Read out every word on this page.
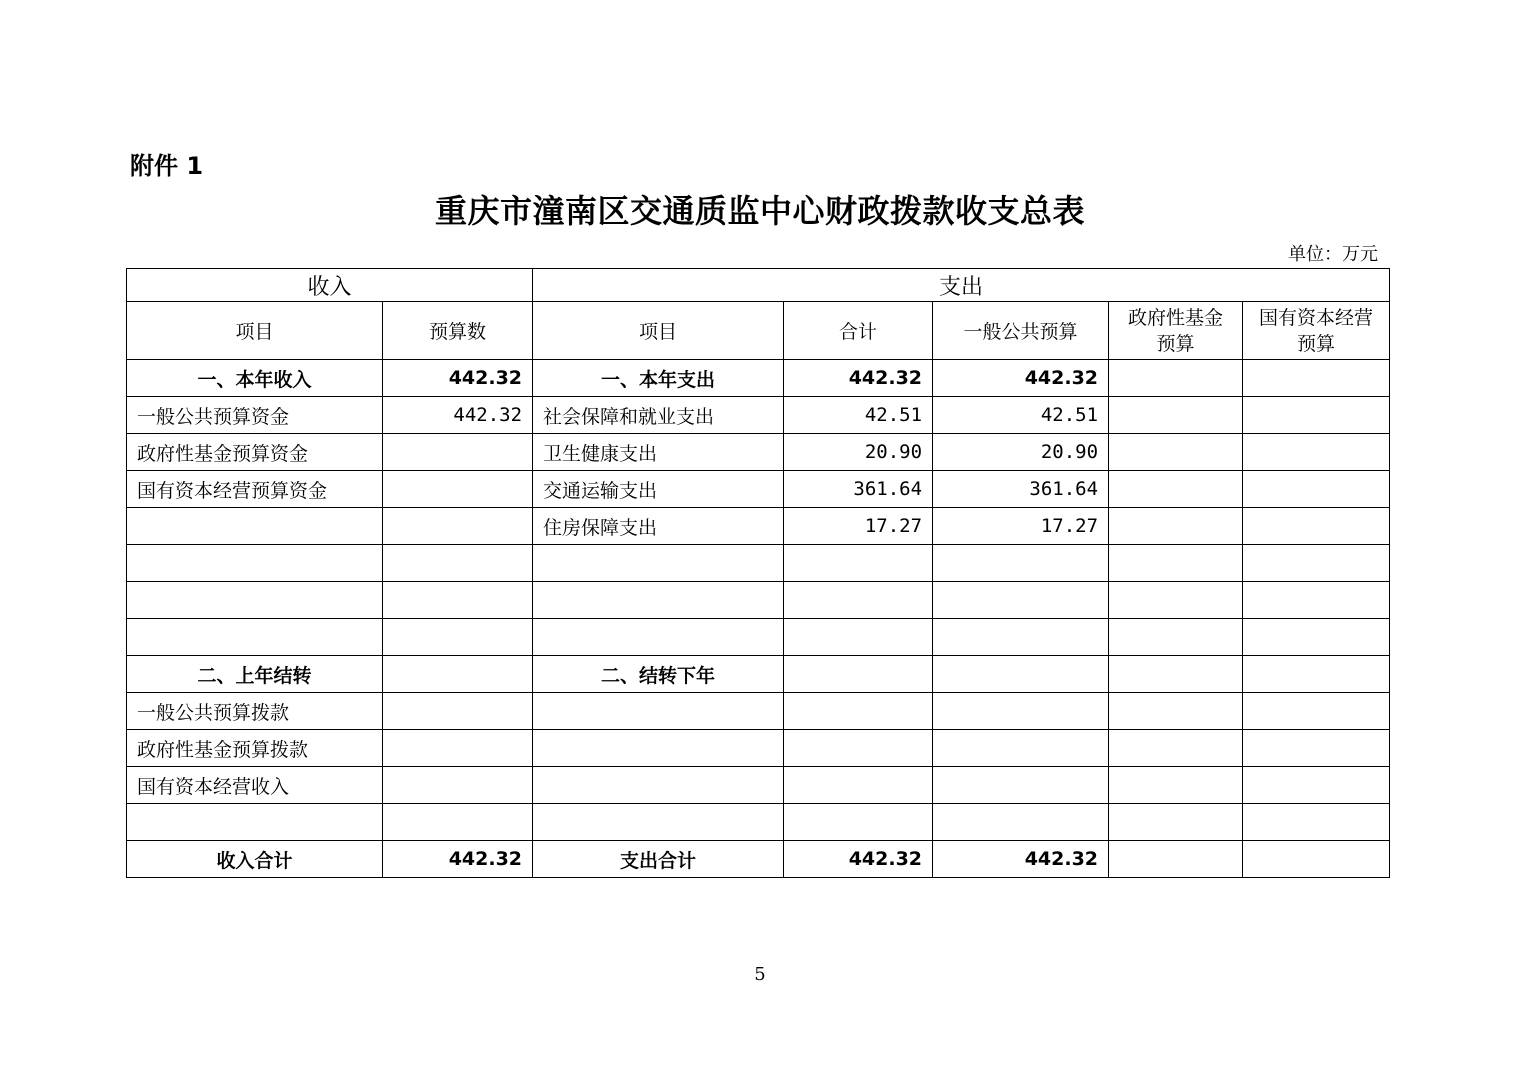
附件 1
重庆市潼南区交通质监中心财政拨款收支总表
单位：万元
收入		支出				
项目	预算数	项目	合计	一般公共预算	政府性基金预算	国有资本经营预算
一、本年收入	442.32	一、本年支出	442.32	442.32		
一般公共预算资金	442.32	社会保障和就业支出	42.51	42.51		
政府性基金预算资金		卫生健康支出	20.90	20.90		
国有资本经营预算资金		交通运输支出	361.64	361.64		
		住房保障支出	17.27	17.27		

二、上年结转		二、结转下年				
一般公共预算拨款						
政府性基金预算拨款						
国有资本经营收入						

收入合计	442.32	支出合计	442.32	442.32		
5
